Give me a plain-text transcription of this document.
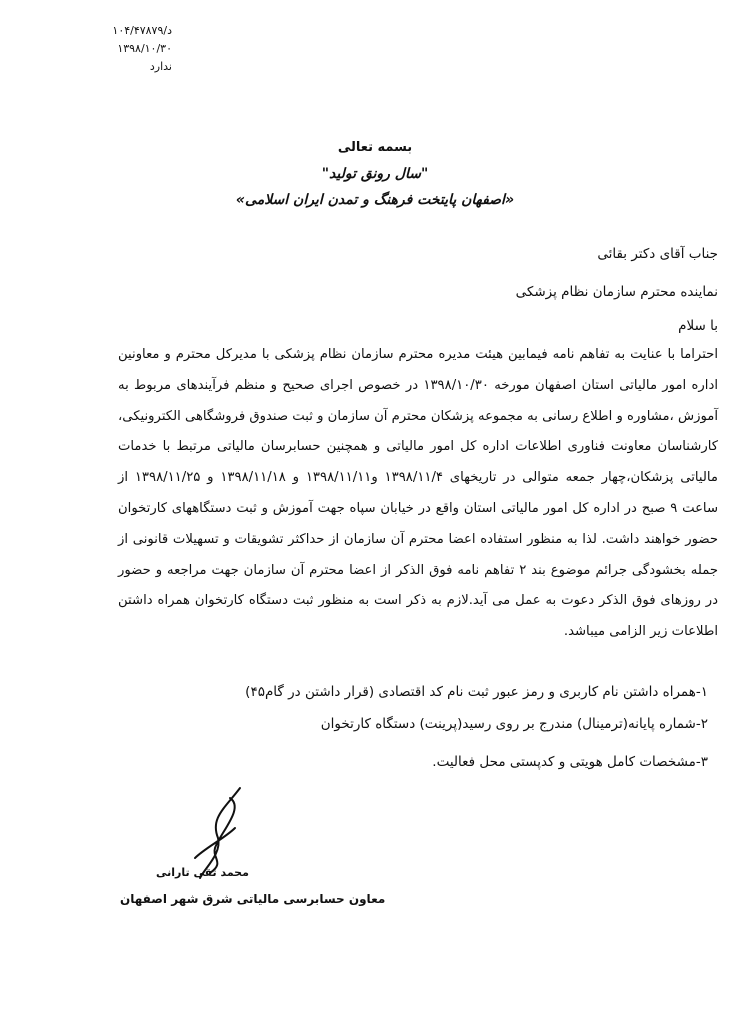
د/۱۰۴/۴۷۸۷۹
۱۳۹۸/۱۰/۳۰
ندارد
بسمه تعالی
"سال رونق تولید"
«اصفهان پایتخت فرهنگ و تمدن ایران اسلامی»
جناب آقای دکتر بقائی
نماینده محترم سازمان نظام پزشکی
با سلام
احتراما با عنایت به تفاهم نامه فیمابین هیئت مدیره محترم سازمان نظام پزشکی با مدیرکل محترم و معاونین اداره امور مالیاتی استان اصفهان مورخه ۱۳۹۸/۱۰/۳۰ در خصوص اجرای صحیح و منظم فرآیندهای مربوط به آموزش ،مشاوره و اطلاع رسانی به مجموعه پزشکان محترم آن سازمان و ثبت صندوق فروشگاهی الکترونیکی، کارشناسان معاونت فناوری اطلاعات اداره کل امور مالیاتی و همچنین حسابرسان مالیاتی مرتبط با خدمات مالیاتی پزشکان،چهار جمعه متوالی در تاریخهای ۱۳۹۸/۱۱/۴ و۱۳۹۸/۱۱/۱۱ و ۱۳۹۸/۱۱/۱۸ و ۱۳۹۸/۱۱/۲۵ از ساعت ۹ صبح در اداره کل امور مالیاتی استان واقع در خیابان سپاه جهت آموزش و ثبت دستگاههای کارتخوان حضور خواهند داشت. لذا به منظور استفاده اعضا محترم آن سازمان از حداکثر تشویقات و تسهیلات قانونی از جمله بخشودگی جرائم موضوع بند ۲ تفاهم نامه فوق الذکر از اعضا محترم آن سازمان جهت مراجعه و حضور در روزهای فوق الذکر دعوت به عمل می آید.لازم به ذکر است به منظور ثبت دستگاه کارتخوان همراه داشتن اطلاعات زیر الزامی میباشد.
۱-همراه داشتن نام کاربری و رمز عبور ثبت نام کد اقتصادی (قرار داشتن در گام۴۵)
۲-شماره پایانه(ترمینال) مندرج بر روی رسید(پرینت) دستگاه کارتخوان
۳-مشخصات کامل هویتی و کدپستی محل فعالیت.
محمد تقی تارانی
معاون حسابرسی مالیاتی شرق شهر اصفهان
